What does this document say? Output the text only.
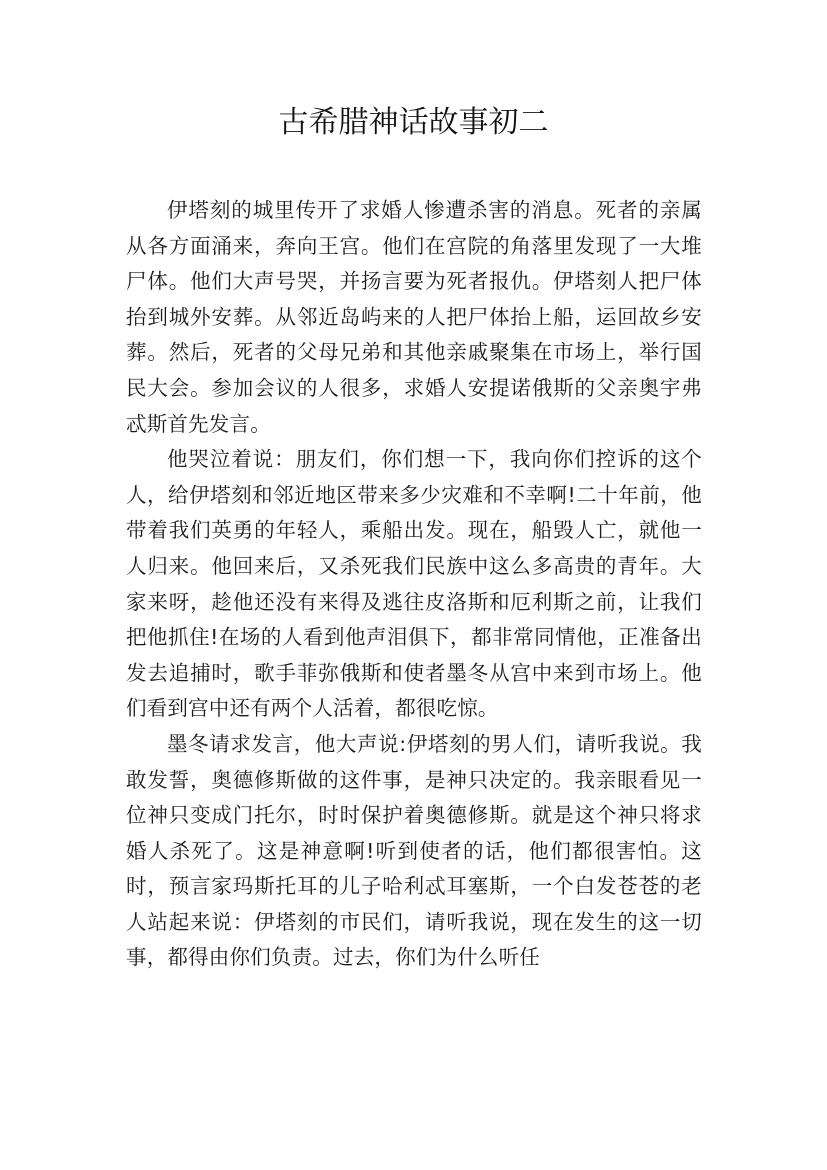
古希腊神话故事初二

伊塔刻的城里传开了求婚人惨遭杀害的消息。死者的亲属从各方面涌来，奔向王宫。他们在宫院的角落里发现了一大堆尸体。他们大声号哭，并扬言要为死者报仇。伊塔刻人把尸体抬到城外安葬。从邻近岛屿来的人把尸体抬上船，运回故乡安葬。然后，死者的父母兄弟和其他亲戚聚集在市场上，举行国民大会。参加会议的人很多，求婚人安提诺俄斯的父亲奥宇弗忒斯首先发言。

他哭泣着说：朋友们，你们想一下，我向你们控诉的这个人，给伊塔刻和邻近地区带来多少灾难和不幸啊!二十年前，他带着我们英勇的年轻人，乘船出发。现在，船毁人亡，就他一人归来。他回来后，又杀死我们民族中这么多高贵的青年。大家来呀，趁他还没有来得及逃往皮洛斯和厄利斯之前，让我们把他抓住!在场的人看到他声泪俱下，都非常同情他，正准备出发去追捕时，歌手菲弥俄斯和使者墨冬从宫中来到市场上。他们看到宫中还有两个人活着，都很吃惊。

墨冬请求发言，他大声说:伊塔刻的男人们，请听我说。我敢发誓，奥德修斯做的这件事，是神只决定的。我亲眼看见一位神只变成门托尔，时时保护着奥德修斯。就是这个神只将求婚人杀死了。这是神意啊!听到使者的话，他们都很害怕。这时，预言家玛斯托耳的儿子哈利忒耳塞斯，一个白发苍苍的老人站起来说：伊塔刻的市民们，请听我说，现在发生的这一切事，都得由你们负责。过去，你们为什么听任
